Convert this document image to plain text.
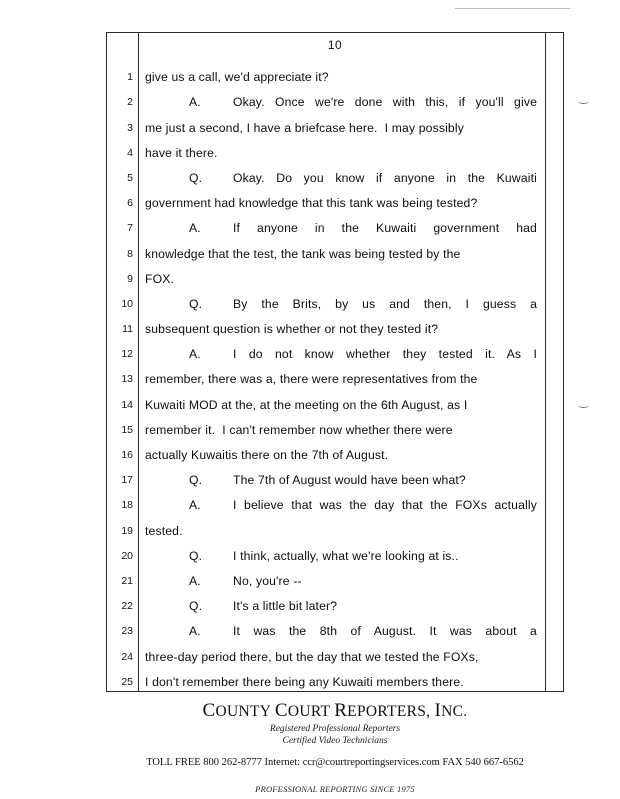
10
1 give us a call, we'd appreciate it?
2	A.	Okay. Once we're done with this, if you'll give
3 me just a second, I have a briefcase here.  I may possibly
4 have it there.
5	Q.	Okay. Do you know if anyone in the Kuwaiti
6 government had knowledge that this tank was being tested?
7	A.	If anyone in the Kuwaiti government had
8 knowledge that the test, the tank was being tested by the
9 FOX.
10	Q.	By the Brits, by us and then, I guess a
11 subsequent question is whether or not they tested it?
12	A.	I do not know whether they tested it. As I
13 remember, there was a, there were representatives from the
14 Kuwaiti MOD at the, at the meeting on the 6th August, as I
15 remember it.  I can't remember now whether there were
16 actually Kuwaitis there on the 7th of August.
17	Q.	The 7th of August would have been what?
18	A.	I believe that was the day that the FOXs actually
19 tested.
20	Q.	I think, actually, what we're looking at is..
21	A.	No, you're --
22	Q.	It's a little bit later?
23	A.	It was the 8th of August. It was about a
24 three-day period there, but the day that we tested the FOXs,
25 I don't remember there being any Kuwaiti members there.
COUNTY COURT REPORTERS, INC.
Registered Professional Reporters
Certified Video Technicians
TOLL FREE 800 262-8777 Internet: ccr@courtreportingservices.com FAX 540 667-6562
PROFESSIONAL REPORTING SINCE 1975
